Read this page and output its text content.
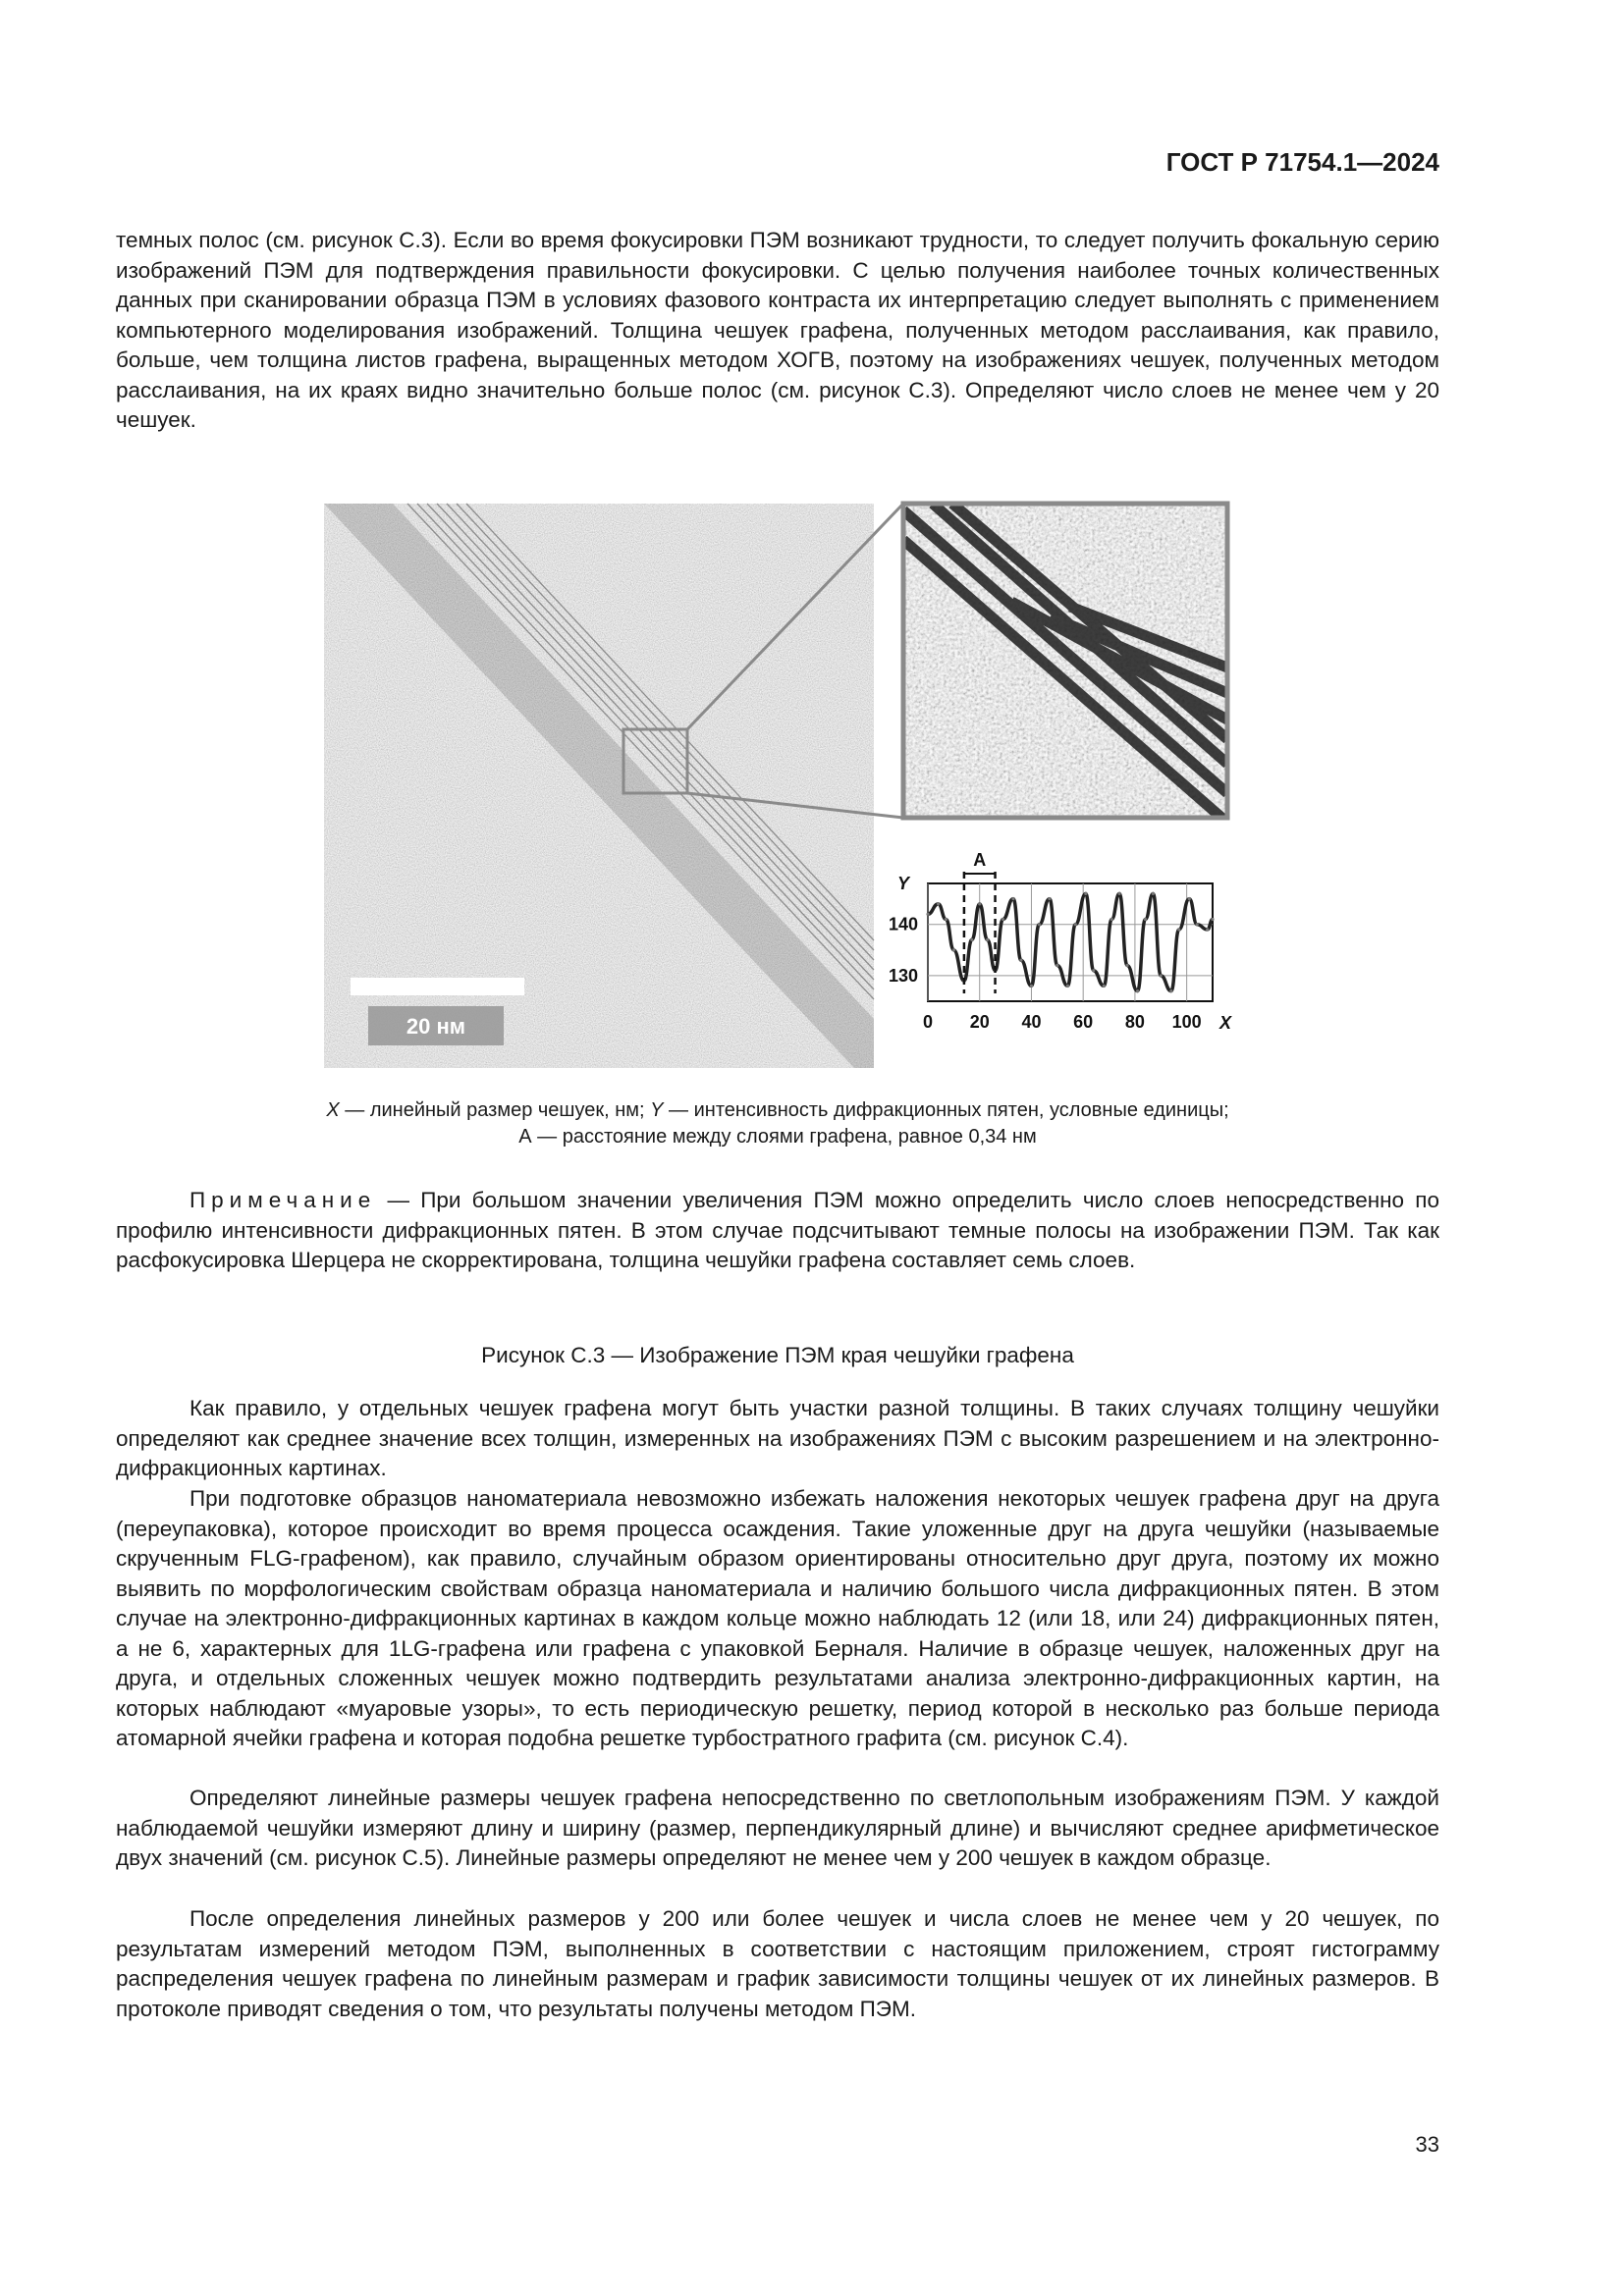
ГОСТ Р 71754.1—2024

темных полос (см. рисунок С.3). Если во время фокусировки ПЭМ возникают трудности, то следует получить фокальную серию изображений ПЭМ для подтверждения правильности фокусировки. С целью получения наиболее точных количественных данных при сканировании образца ПЭМ в условиях фазового контраста их интерпретацию следует выполнять с применением компьютерного моделирования изображений. Толщина чешуек графена, полученных методом расслаивания, как правило, больше, чем толщина листов графена, выращенных методом ХОГВ, поэтому на изображениях чешуек, полученных методом расслаивания, на их краях видно значительно больше полос (см. рисунок С.3). Определяют число слоев не менее чем у 20 чешуек.

20 нм	0 20 40 60 80 100
130
140
Y
X
A
X — линейный размер чешуек, нм; Y — интенсивность дифракционных пятен, условные единицы;
А — расстояние между слоями графена, равное 0,34 нм

Примечание — При большом значении увеличения ПЭМ можно определить число слоев непосредственно по профилю интенсивности дифракционных пятен. В этом случае подсчитывают темные полосы на изображении ПЭМ. Так как расфокусировка Шерцера не скорректирована, толщина чешуйки графена составляет семь слоев.

Рисунок С.3 — Изображение ПЭМ края чешуйки графена

Как правило, у отдельных чешуек графена могут быть участки разной толщины. В таких случаях толщину чешуйки определяют как среднее значение всех толщин, измеренных на изображениях ПЭМ с высоким разрешением и на электронно-дифракционных картинах.

При подготовке образцов наноматериала невозможно избежать наложения некоторых чешуек графена друг на друга (переупаковка), которое происходит во время процесса осаждения. Такие уложенные друг на друга чешуйки (называемые скрученным FLG-графеном), как правило, случайным образом ориентированы относительно друг друга, поэтому их можно выявить по морфологическим свойствам образца наноматериала и наличию большого числа дифракционных пятен. В этом случае на электронно-дифракционных картинах в каждом кольце можно наблюдать 12 (или 18, или 24) дифракционных пятен, а не 6, характерных для 1LG-графена или графена с упаковкой Берналя. Наличие в образце чешуек, наложенных друг на друга, и отдельных сложенных чешуек можно подтвердить результатами анализа электронно-дифракционных картин, на которых наблюдают «муаровые узоры», то есть периодическую решетку, период которой в несколько раз больше периода атомарной ячейки графена и которая подобна решетке турбостратного графита (см. рисунок С.4).

Определяют линейные размеры чешуек графена непосредственно по светлопольным изображениям ПЭМ. У каждой наблюдаемой чешуйки измеряют длину и ширину (размер, перпендикулярный длине) и вычисляют среднее арифметическое двух значений (см. рисунок С.5). Линейные размеры определяют не менее чем у 200 чешуек в каждом образце.

После определения линейных размеров у 200 или более чешуек и числа слоев не менее чем у 20 чешуек, по результатам измерений методом ПЭМ, выполненных в соответствии с настоящим приложением, строят гистограмму распределения чешуек графена по линейным размерам и график зависимости толщины чешуек от их линейных размеров. В протоколе приводят сведения о том, что результаты получены методом ПЭМ.

33
